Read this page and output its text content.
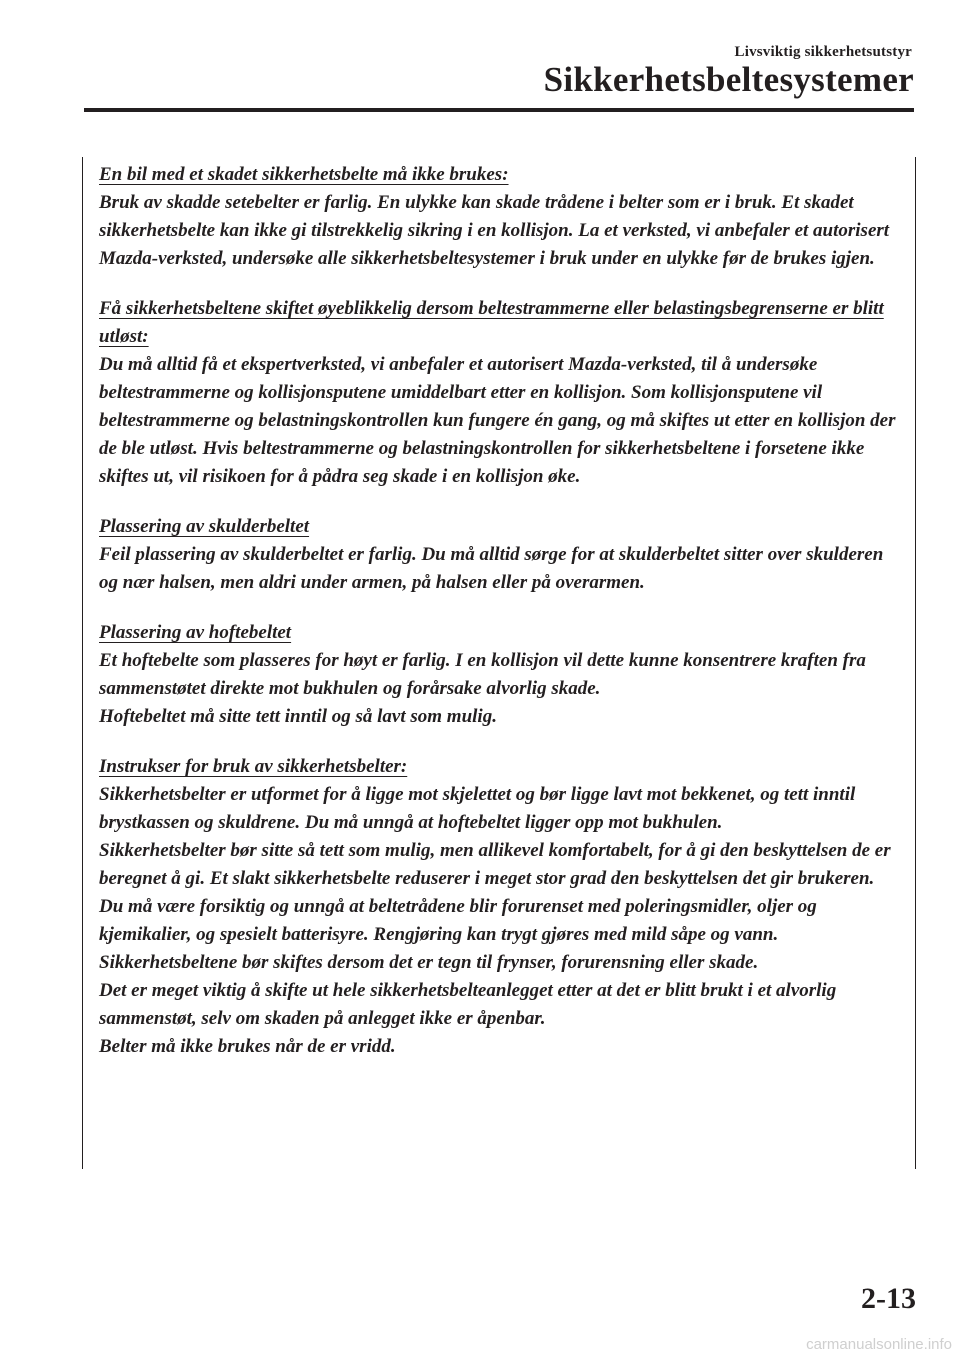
Livsviktig sikkerhetsutstyr
Sikkerhetsbeltesystemer
En bil med et skadet sikkerhetsbelte må ikke brukes:
Bruk av skadde setebelter er farlig. En ulykke kan skade trådene i belter som er i bruk. Et skadet sikkerhetsbelte kan ikke gi tilstrekkelig sikring i en kollisjon. La et verksted, vi anbefaler et autorisert Mazda-verksted, undersøke alle sikkerhetsbeltesystemer i bruk under en ulykke før de brukes igjen.
Få sikkerhetsbeltene skiftet øyeblikkelig dersom beltestrammerne eller belastingsbegrenserne er blitt utløst:
Du må alltid få et ekspertverksted, vi anbefaler et autorisert Mazda-verksted, til å undersøke beltestrammerne og kollisjonsputene umiddelbart etter en kollisjon. Som kollisjonsputene vil beltestrammerne og belastningskontrollen kun fungere én gang, og må skiftes ut etter en kollisjon der de ble utløst. Hvis beltestrammerne og belastningskontrollen for sikkerhetsbeltene i forsetene ikke skiftes ut, vil risikoen for å pådra seg skade i en kollisjon øke.
Plassering av skulderbeltet
Feil plassering av skulderbeltet er farlig. Du må alltid sørge for at skulderbeltet sitter over skulderen og nær halsen, men aldri under armen, på halsen eller på overarmen.
Plassering av hoftebeltet
Et hoftebelte som plasseres for høyt er farlig. I en kollisjon vil dette kunne konsentrere kraften fra sammenstøtet direkte mot bukhulen og forårsake alvorlig skade.
Hoftebeltet må sitte tett inntil og så lavt som mulig.
Instrukser for bruk av sikkerhetsbelter:
Sikkerhetsbelter er utformet for å ligge mot skjelettet og bør ligge lavt mot bekkenet, og tett inntil brystkassen og skuldrene. Du må unngå at hoftebeltet ligger opp mot bukhulen.
Sikkerhetsbelter bør sitte så tett som mulig, men allikevel komfortabelt, for å gi den beskyttelsen de er beregnet å gi. Et slakt sikkerhetsbelte reduserer i meget stor grad den beskyttelsen det gir brukeren.
Du må være forsiktig og unngå at beltetrådene blir forurenset med poleringsmidler, oljer og kjemikalier, og spesielt batterisyre. Rengjøring kan trygt gjøres med mild såpe og vann. Sikkerhetsbeltene bør skiftes dersom det er tegn til frynser, forurensning eller skade.
Det er meget viktig å skifte ut hele sikkerhetsbelteanlegget etter at det er blitt brukt i et alvorlig sammenstøt, selv om skaden på anlegget ikke er åpenbar.
Belter må ikke brukes når de er vridd.
2-13
carmanualsonline.info
